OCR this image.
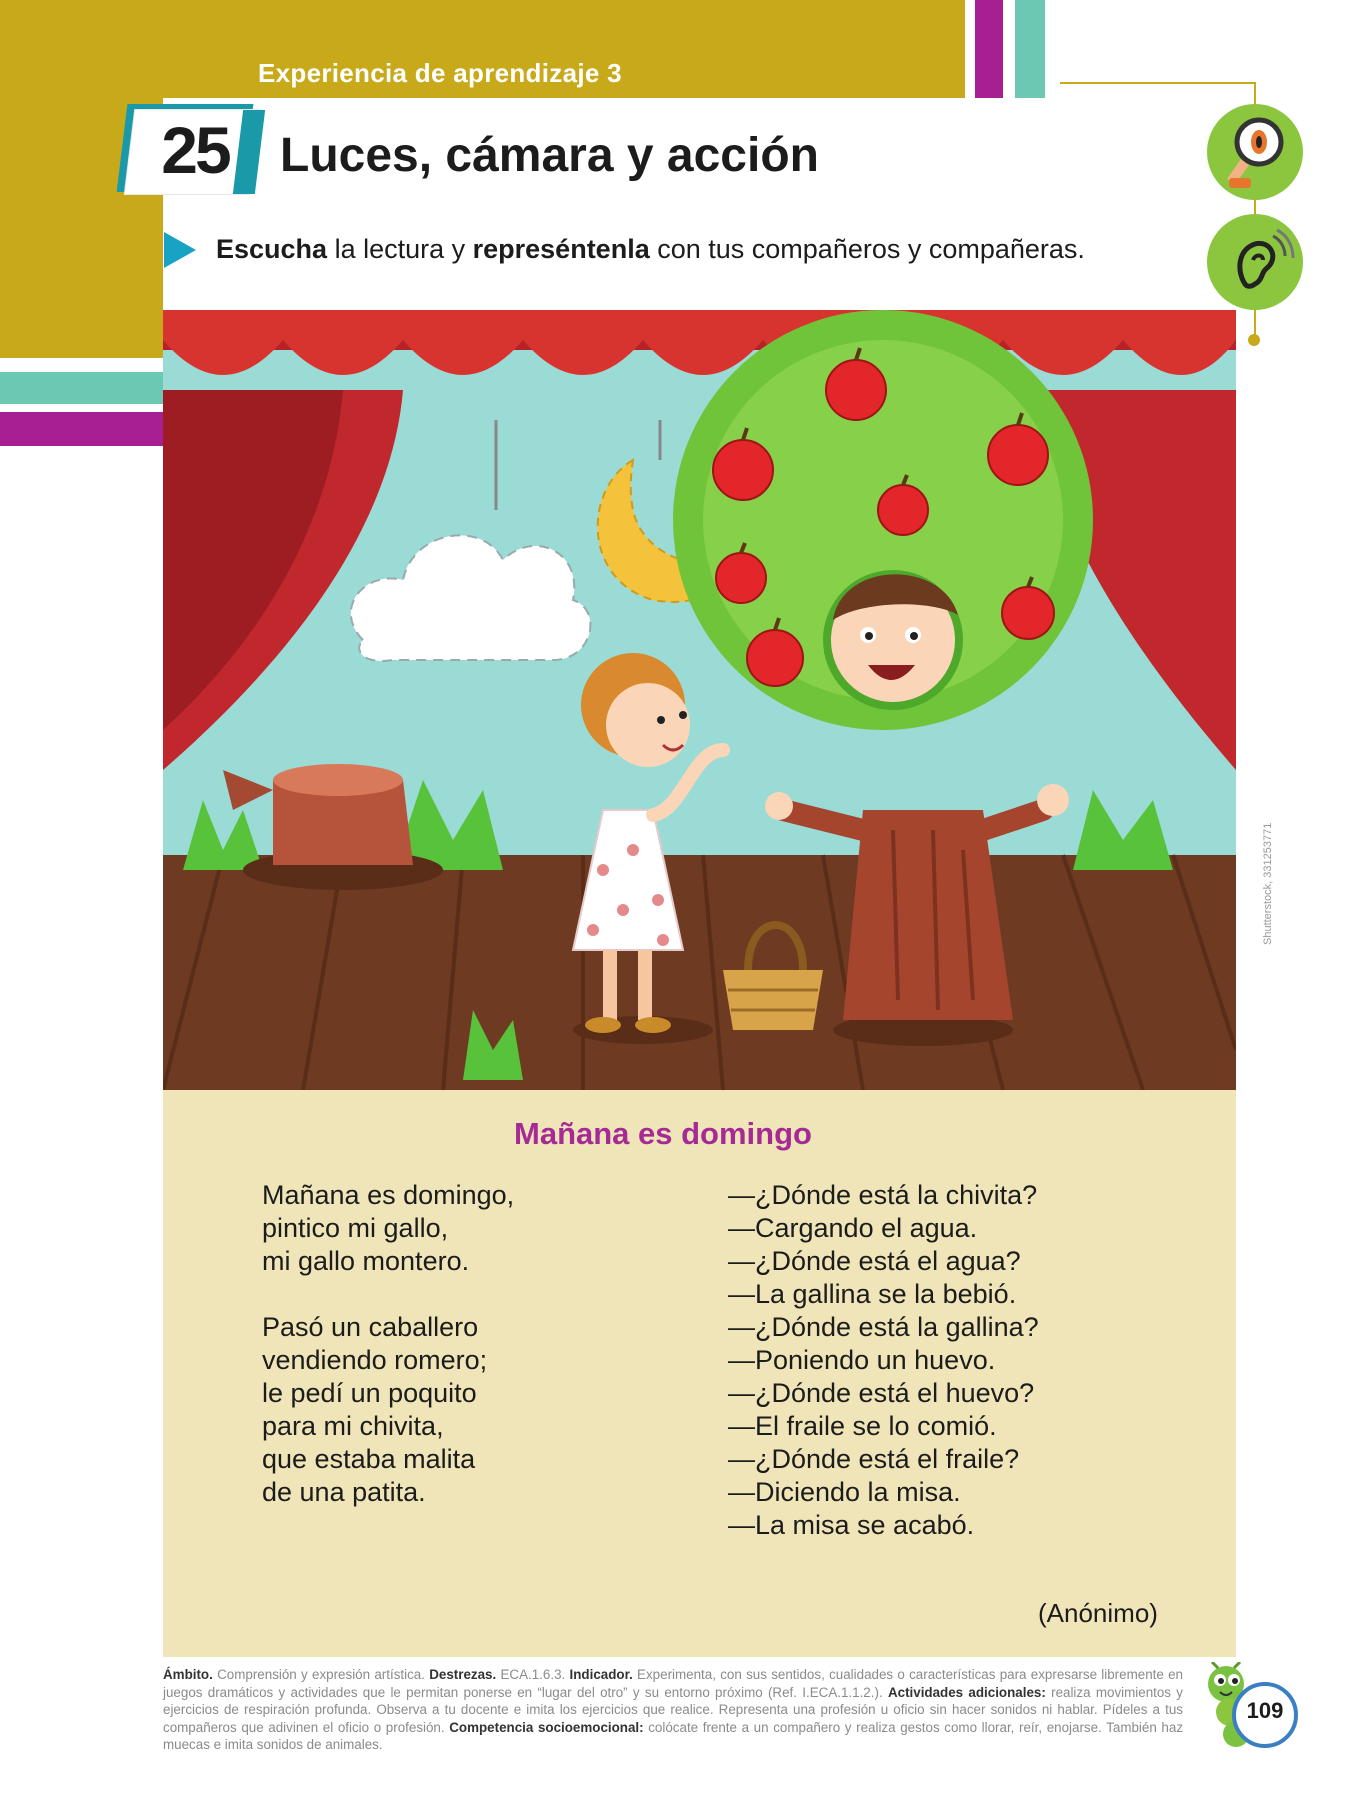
Experiencia de aprendizaje 3
25	Luces, cámara y acción
Escucha la lectura y represéntenla con tus compañeros y compañeras.
Shutterstock, 331253771
Mañana es domingo
Mañana es domingo,
pintico mi gallo,
mi gallo montero.
Pasó un caballero
vendiendo romero;
le pedí un poquito
para mi chivita,
que estaba malita
de una patita.
—¿Dónde está la chivita?
—Cargando el agua.
—¿Dónde está el agua?
—La gallina se la bebió.
—¿Dónde está la gallina?
—Poniendo un huevo.
—¿Dónde está el huevo?
—El fraile se lo comió.
—¿Dónde está el fraile?
—Diciendo la misa.
—La misa se acabó.
(Anónimo)
Ámbito. Comprensión y expresión artística. Destrezas. ECA.1.6.3. Indicador. Experimenta, con sus sentidos, cualidades o características para expresarse libremente en juegos dramáticos y actividades que le permitan ponerse en “lugar del otro” y su entorno próximo (Ref. I.ECA.1.1.2.). Actividades adicionales: realiza movimientos y ejercicios de respiración profunda. Observa a tu docente e imita los ejercicios que realice. Representa una profesión u oficio sin hacer sonidos ni hablar. Pídeles a tus compañeros que adivinen el oficio o profesión. Competencia socioemocional: colócate frente a un compañero y realiza gestos como llorar, reír, enojarse. También haz muecas e imita sonidos de animales.
109
